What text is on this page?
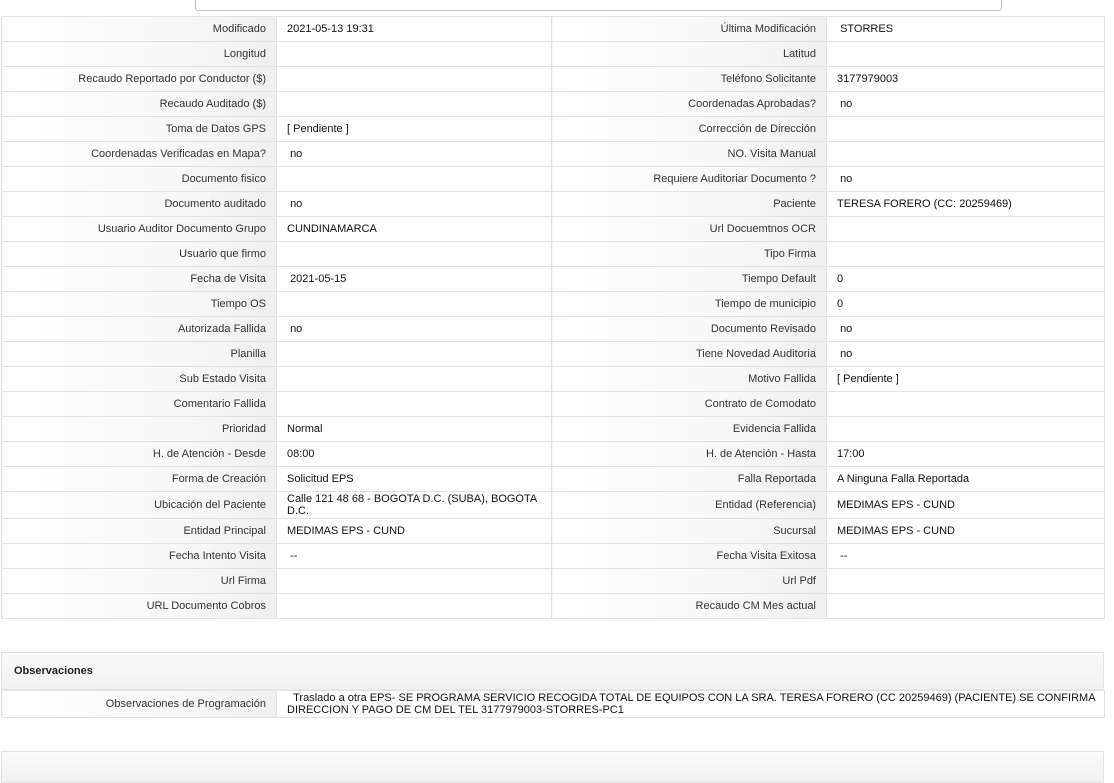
Modificado	2021-05-13 19:31	Última Modificación	STORRES

Longitud		Latitud	

Recaudo Reportado por Conductor ($)		Teléfono Solicitante	3177979003

Recaudo Auditado ($)		Coordenadas Aprobadas?	no

Toma de Datos GPS	[ Pendiente ]	Corrección de Dirección	

Coordenadas Verificadas en Mapa?	no	NO. Visita Manual	

Documento fisico		Requiere Auditoriar Documento ?	no

Documento auditado	no	Paciente	TERESA FORERO (CC: 20259469)

Usuario Auditor Documento Grupo	CUNDINAMARCA	Url Docuemtnos OCR	

Usuario que firmo		Tipo Firma	

Fecha de Visita	2021-05-15	Tiempo Default	0

Tiempo OS		Tiempo de municipio	0

Autorizada Fallida	no	Documento Revisado	no

Planilla		Tiene Novedad Auditoria	no

Sub Estado Visita		Motivo Fallida	[ Pendiente ]

Comentario Fallida		Contrato de Comodato	

Prioridad	Normal	Evidencia Fallida	

H. de Atención - Desde	08:00	H. de Atención - Hasta	17:00

Forma de Creación	Solicitud EPS	Falla Reportada	A Ninguna Falla Reportada

Ubicación del Paciente	Calle 121 48 68 - BOGOTA D.C. (SUBA), BOGOTA D.C.	Entidad (Referencia)	MEDIMAS EPS - CUND

Entidad Principal	MEDIMAS EPS - CUND	Sucursal	MEDIMAS EPS - CUND

Fecha Intento Visita	--	Fecha Visita Exitosa	--

Url Firma		Url Pdf	

URL Documento Cobros		Recaudo CM Mes actual	
Observaciones
Observaciones de Programación	Traslado a otra EPS- SE PROGRAMA SERVICIO RECOGIDA TOTAL DE EQUIPOS CON LA SRA. TERESA FORERO (CC 20259469) (PACIENTE) SE CONFIRMA DIRECCION Y PAGO DE CM DEL TEL 3177979003-STORRES-PC1
